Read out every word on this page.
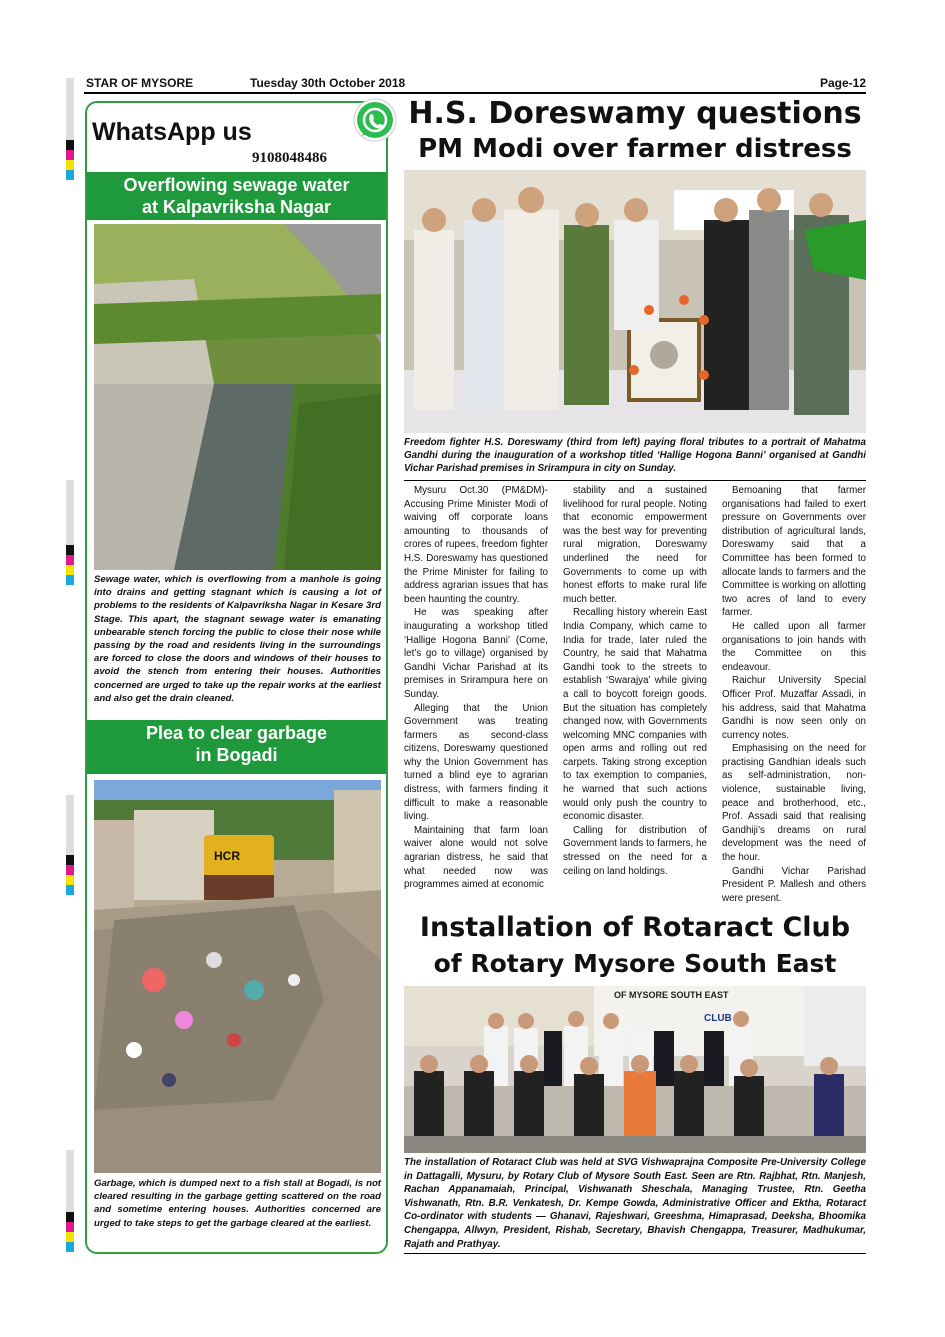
STAR OF MYSORE	Tuesday 30th October 2018	Page-12
WhatsApp us
9108048486
Overflowing sewage water
at Kalpavriksha Nagar
Sewage water, which is overflowing from a manhole is going into drains and getting stagnant which is causing a lot of problems to the residents of Kalpavriksha Nagar in Kesare 3rd Stage. This apart, the stagnant sewage water is emanating unbearable stench forcing the public to close their nose while passing by the road and residents living in the surroundings are forced to close the doors and windows of their houses to avoid the stench from entering their houses. Authorities concerned are urged to take up the repair works at the earliest and also get the drain cleaned.
Plea to clear garbage
in Bogadi
HCR
Garbage, which is dumped next to a fish stall at Bogadi, is not cleared resulting in the garbage getting scattered on the road and sometime entering houses. Authorities concerned are urged to take steps to get the garbage cleared at the earliest.
H.S. Doreswamy questions
PM Modi over farmer distress
Freedom fighter H.S. Doreswamy (third from left) paying floral tributes to a portrait of Mahatma Gandhi during the inauguration of a workshop titled ‘Hallige Hogona Banni’ organised at Gandhi Vichar Parishad premises in Srirampura in city on Sunday.

Mysuru Oct.30 (PM&DM)- Accusing Prime Minister Modi of waiving off corporate loans amounting to thousands of crores of rupees, freedom fighter H.S. Doreswamy has questioned the Prime Minister for failing to address agrarian issues that has been haunting the country.

He was speaking after inaugurating a workshop titled ‘Hallige Hogona Banni’ (Come, let’s go to village) organised by Gandhi Vichar Parishad at its premises in Srirampura here on Sunday.

Alleging that the Union Government was treating farmers as second-class citizens, Doreswamy questioned why the Union Government has turned a blind eye to agrarian distress, with farmers finding it difficult to make a reasonable living.

Maintaining that farm loan waiver alone would not solve agrarian distress, he said that what needed now was programmes aimed at economic

stability and a sustained livelihood for rural people. Noting that economic empowerment was the best way for preventing rural migration, Doreswamy underlined the need for Governments to come up with honest efforts to make rural life much better.

Recalling history wherein East India Company, which came to India for trade, later ruled the Country, he said that Mahatma Gandhi took to the streets to establish ‘Swarajya’ while giving a call to boycott foreign goods. But the situation has completely changed now, with Governments welcoming MNC companies with open arms and rolling out red carpets. Taking strong exception to tax exemption to companies, he warned that such actions would only push the country to economic disaster.

Calling for distribution of Government lands to farmers, he stressed on the need for a ceiling on land holdings.

Bemoaning that farmer organisations had failed to exert pressure on Governments over distribution of agricultural lands, Doreswamy said that a Committee has been formed to allocate lands to farmers and the Committee is working on allotting two acres of land to every farmer.

He called upon all farmer organisations to join hands with the Committee on this endeavour.

Raichur University Special Officer Prof. Muzaffar Assadi, in his address, said that Mahatma Gandhi is now seen only on currency notes.

Emphasising on the need for practising Gandhian ideals such as self-administration, non-violence, sustainable living, peace and brotherhood, etc., Prof. Assadi said that realising Gandhiji’s dreams on rural development was the need of the hour.

Gandhi Vichar Parishad President P. Mallesh and others were present.

Installation of Rotaract Club
of Rotary Mysore South East
OF MYSORE SOUTH EAST
CLUB
The installation of Rotaract Club was held at SVG Vishwaprajna Composite Pre-University College in Dattagalli, Mysuru, by Rotary Club of Mysore South East. Seen are Rtn. Rajbhat, Rtn. Manjesh, Rachan Appanamaiah, Principal, Vishwanath Sheschala, Managing Trustee, Rtn. Geetha Vishwanath, Rtn. B.R. Venkatesh, Dr. Kempe Gowda, Administrative Officer and Ektha, Rotaract Co-ordinator with students — Ghanavi, Rajeshwari, Greeshma, Himaprasad, Deeksha, Bhoomika Chengappa, Allwyn, President, Rishab, Secretary, Bhavish Chengappa, Treasurer, Madhukumar, Rajath and Prathyay.
